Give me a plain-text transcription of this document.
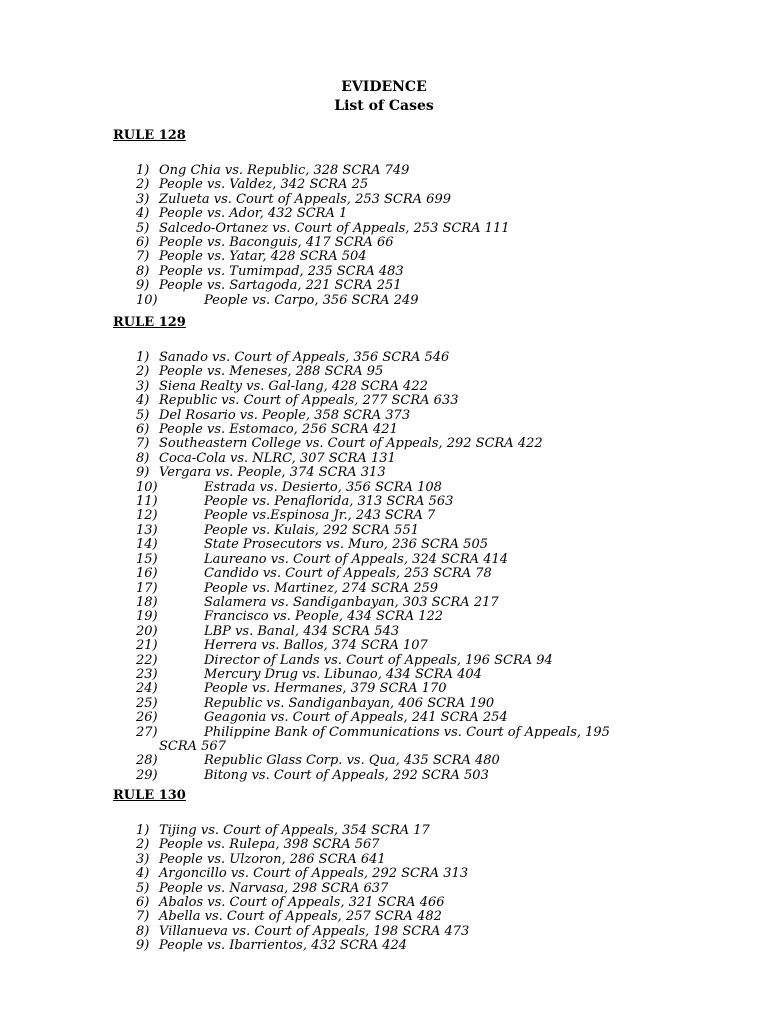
EVIDENCE
List of Cases
RULE 128
1) Ong Chia vs. Republic, 328 SCRA 749
2) People vs. Valdez, 342 SCRA 25
3) Zulueta vs. Court of Appeals, 253 SCRA 699
4) People vs. Ador, 432 SCRA 1
5) Salcedo-Ortanez vs. Court of Appeals, 253 SCRA 111
6) People vs. Baconguis, 417 SCRA 66
7) People vs. Yatar, 428 SCRA 504
8) People vs. Tumimpad, 235 SCRA 483
9) People vs. Sartagoda, 221 SCRA 251
10)	People vs. Carpo, 356 SCRA 249
RULE 129
1) Sanado vs. Court of Appeals, 356 SCRA 546
2) People vs. Meneses, 288 SCRA 95
3) Siena Realty vs. Gal-lang, 428 SCRA 422
4) Republic vs. Court of Appeals, 277 SCRA 633
5) Del Rosario vs. People, 358 SCRA 373
6) People vs. Estomaco, 256 SCRA 421
7) Southeastern College vs. Court of Appeals, 292 SCRA 422
8) Coca-Cola vs. NLRC, 307 SCRA 131
9) Vergara vs. People, 374 SCRA 313
10)	Estrada vs. Desierto, 356 SCRA 108
11)	People vs. Penaflorida, 313 SCRA 563
12)	People vs.Espinosa Jr., 243 SCRA 7
13)	People vs. Kulais, 292 SCRA 551
14)	State Prosecutors vs. Muro, 236 SCRA 505
15)	Laureano vs. Court of Appeals, 324 SCRA 414
16)	Candido vs. Court of Appeals, 253 SCRA 78
17)	People vs. Martinez, 274 SCRA 259
18)	Salamera vs. Sandiganbayan, 303 SCRA 217
19)	Francisco vs. People, 434 SCRA 122
20)	LBP vs. Banal, 434 SCRA 543
21)	Herrera vs. Ballos, 374 SCRA 107
22)	Director of Lands vs. Court of Appeals, 196 SCRA 94
23)	Mercury Drug vs. Libunao, 434 SCRA 404
24)	People vs. Hermanes, 379 SCRA 170
25)	Republic vs. Sandiganbayan, 406 SCRA 190
26)	Geagonia vs. Court of Appeals, 241 SCRA 254
27)	Philippine Bank of Communications vs. Court of Appeals, 195
SCRA 567
28)	Republic Glass Corp. vs. Qua, 435 SCRA 480
29)	Bitong vs. Court of Appeals, 292 SCRA 503
RULE 130
1) Tijing vs. Court of Appeals, 354 SCRA 17
2) People vs. Rulepa, 398 SCRA 567
3) People vs. Ulzoron, 286 SCRA 641
4) Argoncillo vs. Court of Appeals, 292 SCRA 313
5) People vs. Narvasa, 298 SCRA 637
6) Abalos vs. Court of Appeals, 321 SCRA 466
7) Abella vs. Court of Appeals, 257 SCRA 482
8) Villanueva vs. Court of Appeals, 198 SCRA 473
9) People vs. Ibarrientos, 432 SCRA 424
